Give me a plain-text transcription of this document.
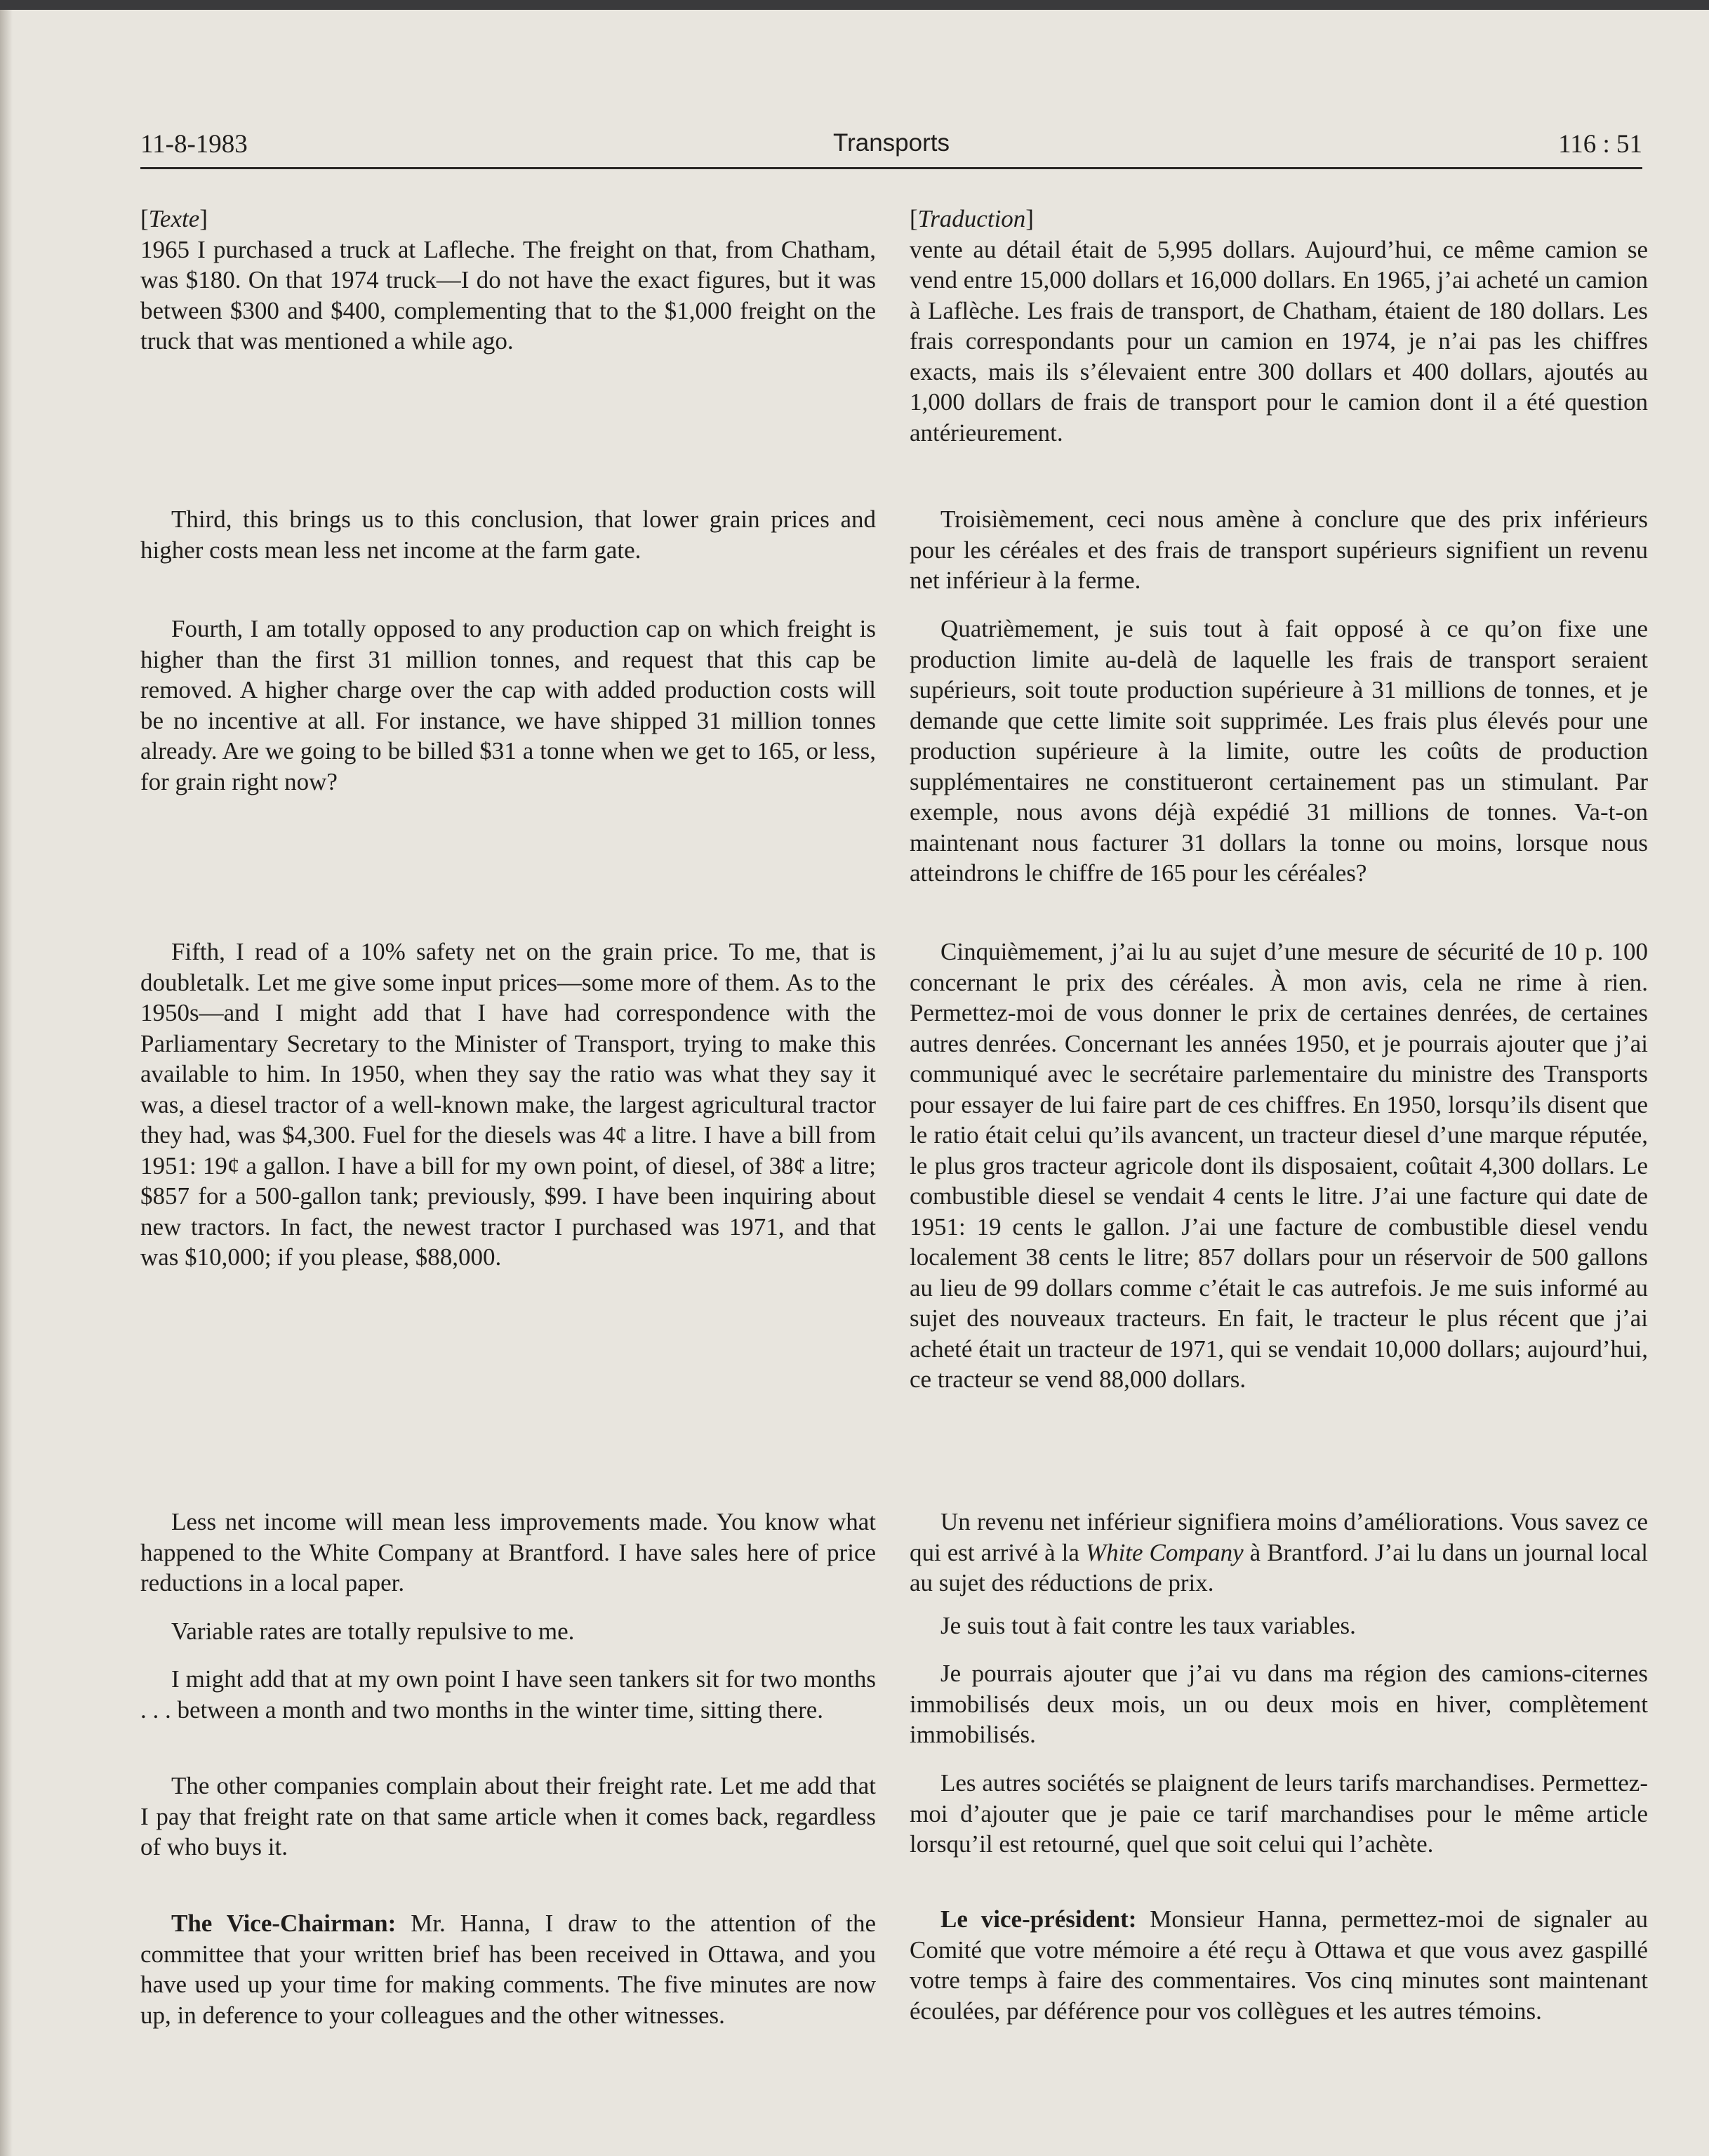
11-8-1983	Transports	116 : 51

[Texte]

1965 I purchased a truck at Lafleche. The freight on that, from Chatham, was $180. On that 1974 truck—I do not have the exact figures, but it was between $300 and $400, complementing that to the $1,000 freight on the truck that was mentioned a while ago.

Third, this brings us to this conclusion, that lower grain prices and higher costs mean less net income at the farm gate.

Fourth, I am totally opposed to any production cap on which freight is higher than the first 31 million tonnes, and request that this cap be removed. A higher charge over the cap with added production costs will be no incentive at all. For instance, we have shipped 31 million tonnes already. Are we going to be billed $31 a tonne when we get to 165, or less, for grain right now?

Fifth, I read of a 10% safety net on the grain price. To me, that is doubletalk. Let me give some input prices—some more of them. As to the 1950s—and I might add that I have had correspondence with the Parliamentary Secretary to the Minister of Transport, trying to make this available to him. In 1950, when they say the ratio was what they say it was, a diesel tractor of a well-known make, the largest agricultural tractor they had, was $4,300. Fuel for the diesels was 4¢ a litre. I have a bill from 1951: 19¢ a gallon. I have a bill for my own point, of diesel, of 38¢ a litre; $857 for a 500-gallon tank; previously, $99. I have been inquiring about new tractors. In fact, the newest tractor I purchased was 1971, and that was $10,000; if you please, $88,000.

Less net income will mean less improvements made. You know what happened to the White Company at Brantford. I have sales here of price reductions in a local paper.

Variable rates are totally repulsive to me.

I might add that at my own point I have seen tankers sit for two months . . . between a month and two months in the winter time, sitting there.

The other companies complain about their freight rate. Let me add that I pay that freight rate on that same article when it comes back, regardless of who buys it.

The Vice-Chairman: Mr. Hanna, I draw to the attention of the committee that your written brief has been received in Ottawa, and you have used up your time for making comments. The five minutes are now up, in deference to your colleagues and the other witnesses.

[Traduction]

vente au détail était de 5,995 dollars. Aujourd’hui, ce même camion se vend entre 15,000 dollars et 16,000 dollars. En 1965, j’ai acheté un camion à Laflèche. Les frais de transport, de Chatham, étaient de 180 dollars. Les frais correspondants pour un camion en 1974, je n’ai pas les chiffres exacts, mais ils s’élevaient entre 300 dollars et 400 dollars, ajoutés au 1,000 dollars de frais de transport pour le camion dont il a été question antérieurement.

Troisièmement, ceci nous amène à conclure que des prix inférieurs pour les céréales et des frais de transport supérieurs signifient un revenu net inférieur à la ferme.

Quatrièmement, je suis tout à fait opposé à ce qu’on fixe une production limite au-delà de laquelle les frais de transport seraient supérieurs, soit toute production supérieure à 31 millions de tonnes, et je demande que cette limite soit supprimée. Les frais plus élevés pour une production supérieure à la limite, outre les coûts de production supplémentaires ne constitueront certainement pas un stimulant. Par exemple, nous avons déjà expédié 31 millions de tonnes. Va-t-on maintenant nous facturer 31 dollars la tonne ou moins, lorsque nous atteindrons le chiffre de 165 pour les céréales?

Cinquièmement, j’ai lu au sujet d’une mesure de sécurité de 10 p. 100 concernant le prix des céréales. À mon avis, cela ne rime à rien. Permettez-moi de vous donner le prix de certaines denrées, de certaines autres denrées. Concernant les années 1950, et je pourrais ajouter que j’ai communiqué avec le secrétaire parlementaire du ministre des Transports pour essayer de lui faire part de ces chiffres. En 1950, lorsqu’ils disent que le ratio était celui qu’ils avancent, un tracteur diesel d’une marque réputée, le plus gros tracteur agricole dont ils disposaient, coûtait 4,300 dollars. Le combustible diesel se vendait 4 cents le litre. J’ai une facture qui date de 1951: 19 cents le gallon. J’ai une facture de combustible diesel vendu localement 38 cents le litre; 857 dollars pour un réservoir de 500 gallons au lieu de 99 dollars comme c’était le cas autrefois. Je me suis informé au sujet des nouveaux tracteurs. En fait, le tracteur le plus récent que j’ai acheté était un tracteur de 1971, qui se vendait 10,000 dollars; aujourd’hui, ce tracteur se vend 88,000 dollars.

Un revenu net inférieur signifiera moins d’améliorations. Vous savez ce qui est arrivé à la White Company à Brantford. J’ai lu dans un journal local au sujet des réductions de prix.

Je suis tout à fait contre les taux variables.

Je pourrais ajouter que j’ai vu dans ma région des camions-citernes immobilisés deux mois, un ou deux mois en hiver, complètement immobilisés.

Les autres sociétés se plaignent de leurs tarifs marchandises. Permettez-moi d’ajouter que je paie ce tarif marchandises pour le même article lorsqu’il est retourné, quel que soit celui qui l’achète.

Le vice-président: Monsieur Hanna, permettez-moi de signaler au Comité que votre mémoire a été reçu à Ottawa et que vous avez gaspillé votre temps à faire des commentaires. Vos cinq minutes sont maintenant écoulées, par déférence pour vos collègues et les autres témoins.
